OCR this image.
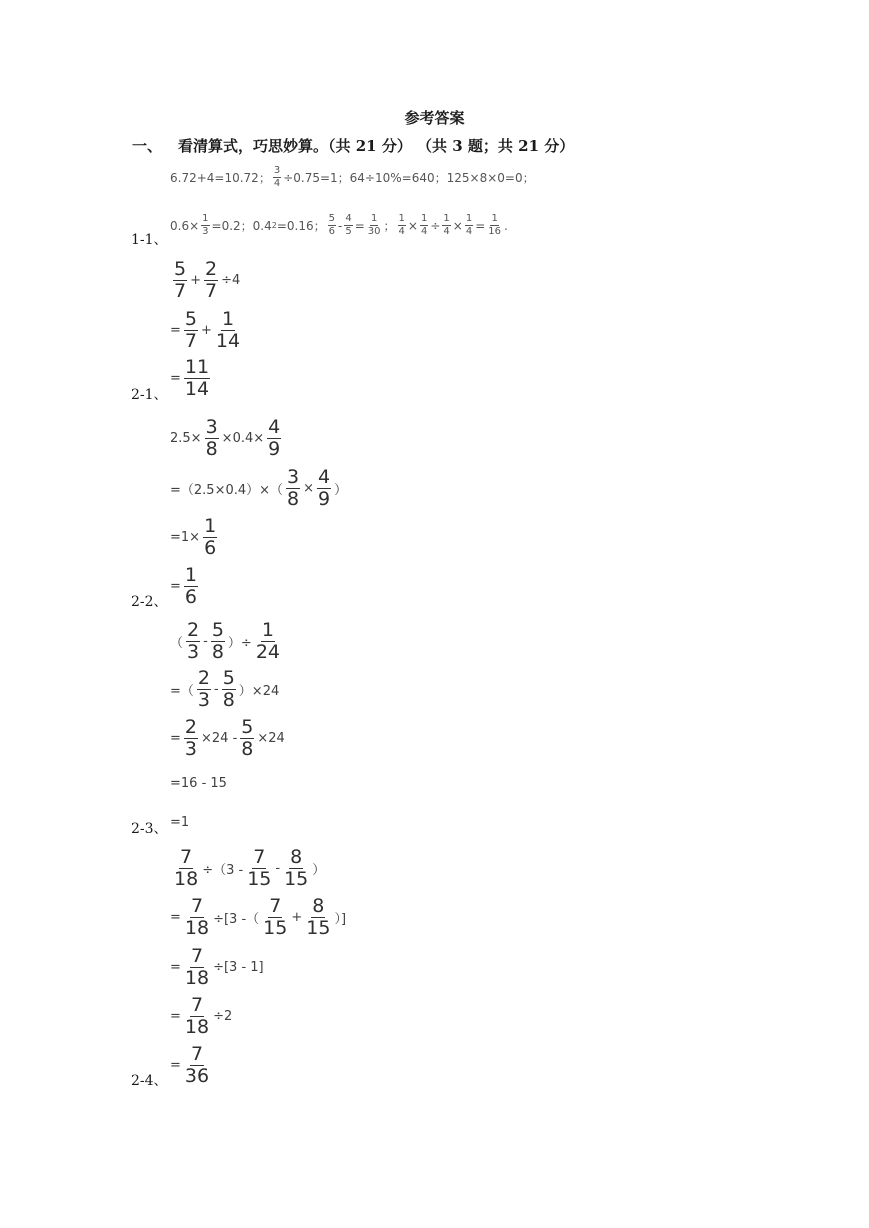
参考答案
一、 看清算式，巧思妙算。（共 21 分） （共 3 题；共 21 分）
6.72+4=10.72； $\frac{3}{4} \div 0.75=1$；64÷10%=640；125×8×0=0；
$0.6\times \frac{1}{3} =0.2$；0.4 2 =0.16； $\frac{5}{6} - \frac{4}{5} = \frac{1}{30}$ ； $\frac{1}{4} \times \frac{1}{4} \div \frac{1}{4} \times \frac{1}{4} = \frac{1}{16}$ .
1-1、
$\frac{5}{7} + \frac{2}{7} \div 4$
= $\frac{5}{7} + \frac{1}{14}$
= $\frac{11}{14}$
2-1、
$2.5\times \frac{3}{8} \times 0.4\times \frac{4}{9}$
$=(2.5\times 0.4)\times( \frac{3}{8} \times \frac{4}{9}$ ）
$=1\times \frac{1}{6}$
= $\frac{1}{6}$
2-2、
（ $\frac{2}{3} - \frac{5}{8}$ ）÷ $\frac{1}{24}$
=（ $\frac{2}{3} - \frac{5}{8} )\times 24$
= $\frac{2}{3} \times 24 - \frac{5}{8} \times 24$
=16 - 15
=1
2-3、
$\frac{7}{18} \div(3 - \frac{7}{15} - \frac{8}{15}$ ）
= $\frac{7}{18} \div[3$ -（ $\frac{7}{15} + \frac{8}{15}$ ）]
= $\frac{7}{18} \div[3 - 1]$
= $\frac{7}{18} \div 2$
= $\frac{7}{36}$
2-4、
